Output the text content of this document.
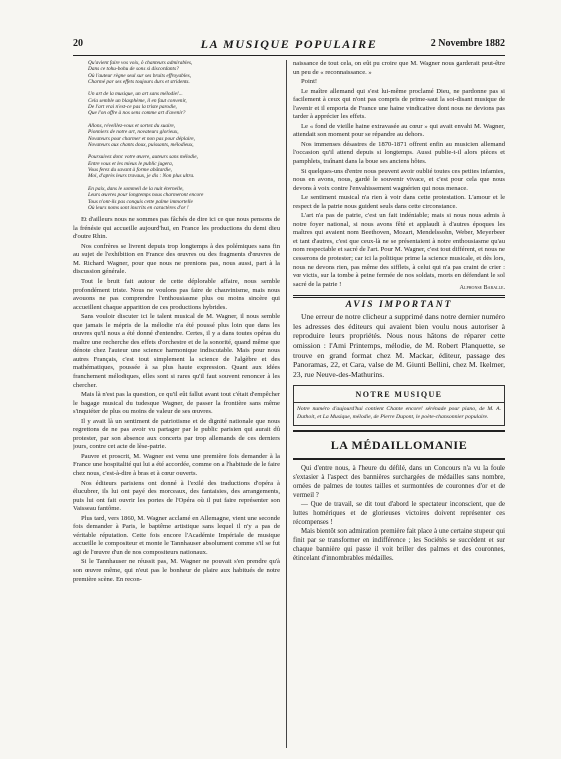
20	LA MUSIQUE POPULAIRE	2 Novembre 1882
Qu'avient faire vos voix, ô chanteurs admirables,
Dans ce tohu-bohu de sons si discordants?
Où l'auteur règne seul sur ses bruits effroyables,
Charmé par ses effets toujours durs et stridents.

Un art de la musique, un art sans mélodie!...
Cela semble un blasphème, il en faut convenir,
De l'art vrai n'est-ce pas la triste parodie,
Que l'on offre à nos sens comme art d'avenir?

Allons, réveillez-vous et sortez du suaire,
Pionniers de notre art, novateurs glorieux,
Novateurs pour charmer et non pas pour déplaire,
Novateurs aux chants doux, puissants, mélodieux,

Poursuivez donc votre œuvre, auteurs sans mélodie,
Entre vous et les mieux le public jugera,
Vous ferez du savant à forme abâtardie,
Moi, d'après leurs travaux, je dis : Non plus ultra.

En paix, dans le sommeil de la nuit éternelle,
Leurs œuvres pour longtemps nous charmeront encore
Tous n'ont-ils pas conquis cette palme immortelle
Où leurs noms sont inscrits en caractères d'or !

Et d'ailleurs nous ne sommes pas fâchés de dire ici ce que nous pensons de la frénésie qui accueille aujourd'hui, en France les productions du demi dieu d'outre Rhin.

Nos confrères se livrent depuis trop longtemps à des polémiques sans fin au sujet de l'exhibition en France des œuvres ou des fragments d'œuvres de M. Richard Wagner, pour que nous ne prenions pas, nous aussi, part à la discussion générale.

Tout le bruit fait autour de cette déplorable affaire, nous semble profondément triste. Nous ne voulons pas faire de chauvinisme, mais nous avouons ne pas comprendre l'enthousiasme plus ou moins sincère qui accueillent chaque apparition de ces productions hybrides.

Sans vouloir discuter ici le talent musical de M. Wagner, il nous semble que jamais le mépris de la mélodie n'a été poussé plus loin que dans les œuvres qu'il nous a été donné d'entendre. Certes, il y a dans toutes opéras du maître une recherche des effets d'orchestre et de la sonorité, quand même que dénote chez l'auteur une science harmonique indiscutable. Mais pour nous autres Français, c'est tout simplement la science de l'algèbre et des mathématiques, poussée à sa plus haute expression. Quant aux idées franchement mélodiques, elles sont si rares qu'il faut souvent renoncer à les chercher.

Mais là n'est pas la question, ce qu'il eût fallut avant tout c'était d'empêcher le bagage musical du tudesque Wagner, de passer la frontière sans même s'inquiéter de plus ou moins de valeur de ses œuvres.

Il y avait là un sentiment de patriotisme et de dignité nationale que nous regrettons de ne pas avoir vu partager par le public parisien qui aurait dû protester, par son absence aux concerts par trop allemands de ces derniers jours, contre cet acte de lèse-patrie.

Pauvre et proscrit, M. Wagner est venu une première fois demander à la France une hospitalité qui lui a été accordée, comme on a l'habitude de le faire chez nous, c'est-à-dire à bras et à cœur ouverts.

Nos éditeurs parisiens ont donné à l'exilé des traductions d'opéra à élucubrer, ils lui ont payé des morceaux, des fantaisies, des arrangements, puis lui ont fait ouvrir les portes de l'Opéra où il put faire représenter son Vaisseau fantôme.

Plus tard, vers 1860, M. Wagner acclamé en Allemagne, vient une seconde fois demander à Paris, le baptême artistique sans lequel il n'y a pas de véritable réputation. Cette fois encore l'Académie Impériale de musique accueille le compositeur et monte le Tannhauser absolument comme s'il se fut agi de l'œuvre d'un de nos compositeurs nationaux.

Si le Tannhauser ne réussit pas, M. Wagner ne pouvait s'en prendre qu'à son œuvre même, qui n'eut pas le bonheur de plaire aux habitués de notre première scène. En recon-

naissance de tout cela, on eût pu croire que M. Wagner nous garderait peut-être un peu de « reconnaissance. »

Point!

Le maître allemand qui s'est lui-même proclamé Dieu, ne pardonne pas si facilement à ceux qui n'ont pas compris de prime-saut la soi-disant musique de l'avenir et il emporta de France une haine vindicative dont nous ne devions pas tarder à apprécier les effets.

Le « fond de vieille haine extravasée au cœur » qui avait envahi M. Wagner, attendait son moment pour se répandre au dehors.

Nos immenses désastres de 1870-1871 offrent enfin au musicien allemand l'occasion qu'il attend depuis si longtemps. Aussi publie-t-il alors pièces et pamphlets, traînant dans la boue ses anciens hôtes.

Si quelques-uns d'entre nous peuvent avoir oublié toutes ces petites infamies, nous en avons, nous, gardé le souvenir vivace, et c'est pour cela que nous devons à voix contre l'envahissement wagnérien qui nous menace.

Le sentiment musical n'a rien à voir dans cette protestation. L'amour et le respect de la patrie nous guident seuls dans cette circonstance.

L'art n'a pas de patrie, c'est un fait indéniable; mais si nous nous admis à notre foyer national, si nous avons fêté et applaudi à d'autres époques les maîtres qui avaient nom Beethoven, Mozart, Mendelssohn, Weber, Meyerbeer et tant d'autres, c'est que ceux-là ne se présentaient à notre enthousiasme qu'au nom respectable et sacré de l'art. Pour M. Wagner, c'est tout différent, et nous ne cesserons de protester; car ici la politique prime la science musicale, et dès lors, nous ne devons rien, pas même des sifflets, à celui qui n'a pas craint de crier : vœ victis, sur la tombe à peine fermée de nos soldats, morts en défendant le sol sacré de la patrie !

Alphonse Baralle.
AVIS IMPORTANT

Une erreur de notre clicheur a supprimé dans notre dernier numéro les adresses des éditeurs qui avaient bien voulu nous autoriser à reproduire leurs propriétés. Nous nous hâtons de réparer cette omission : l'Ami Printemps, mélodie, de M. Robert Planquette, se trouve en grand format chez M. Mackar, éditeur, passage des Panoramas, 22, et Cara, valse de M. Giunti Bellini, chez M. Ikelmer, 23, rue Neuve-des-Mathurins.

NOTRE MUSIQUE
Notre numéro d'aujourd'hui contient Chante encore! sérénade pour piano, de M. A. Duthoit, et La Musique, mélodie, de Pierre Dupont, le poète-chansonnier populaire.
LA MÉDAILLOMANIE

Qui d'entre nous, à l'heure du défilé, dans un Concours n'a vu la foule s'extasier à l'aspect des bannières surchargées de médailles sans nombre, ornées de palmes de toutes tailles et surmontées de couronnes d'or et de vermeil ?

— Que de travail, se dit tout d'abord le spectateur inconscient, que de luttes homériques et de glorieuses victoires doivent représenter ces récompenses !

Mais bientôt son admiration première fait place à une certaine stupeur qui finit par se transformer en indifférence ; les Sociétés se succèdent et sur chaque bannière qui passe il voit briller des palmes et des couronnes, étincelant d'innombrables médailles.
